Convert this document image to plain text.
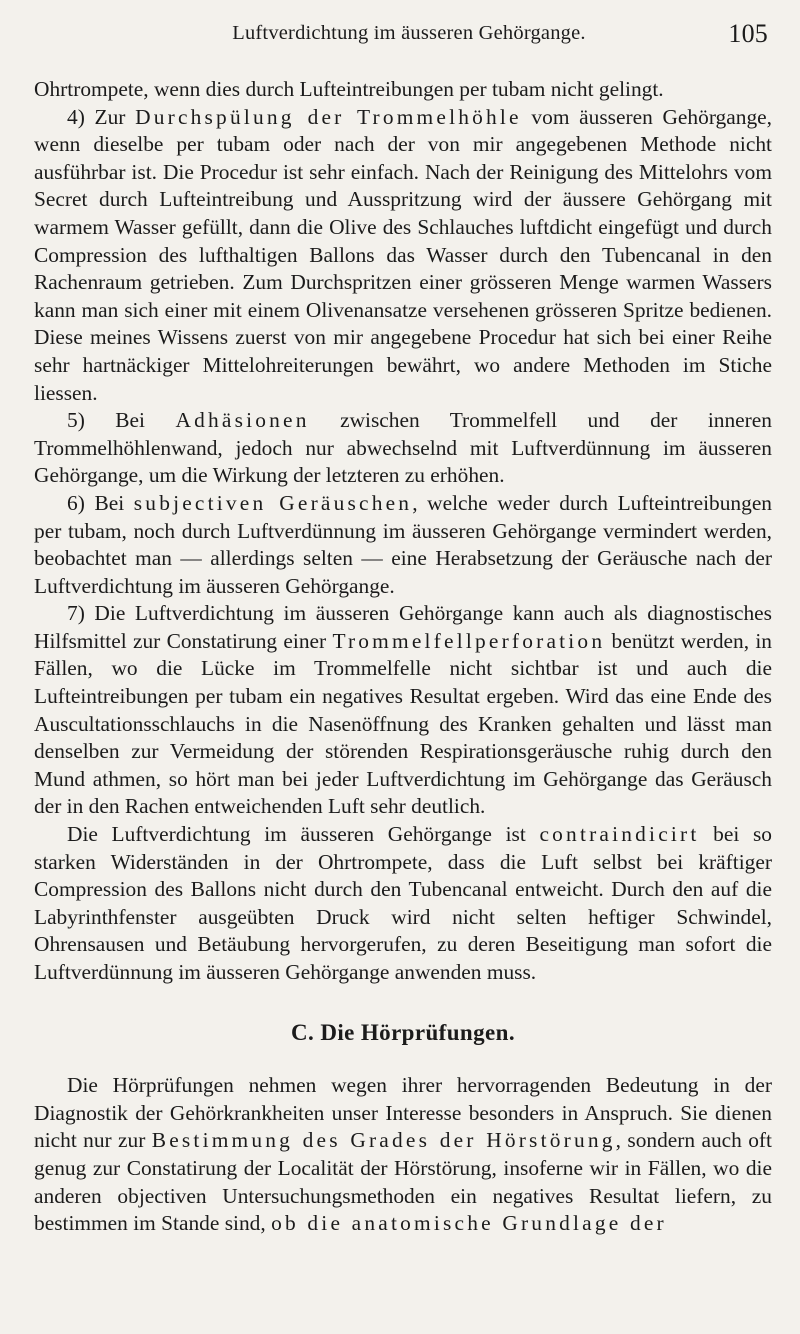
Luftverdichtung im äusseren Gehörgange.	105

Ohrtrompete, wenn dies durch Lufteintreibungen per tubam nicht gelingt.

4) Zur Durchspülung der Trommelhöhle vom äusseren Gehörgange, wenn dieselbe per tubam oder nach der von mir angegebenen Methode nicht ausführbar ist. Die Procedur ist sehr einfach. Nach der Reinigung des Mittelohrs vom Secret durch Lufteintreibung und Ausspritzung wird der äussere Gehörgang mit warmem Wasser gefüllt, dann die Olive des Schlauches luftdicht eingefügt und durch Compression des lufthaltigen Ballons das Wasser durch den Tubencanal in den Rachenraum getrieben. Zum Durchspritzen einer grösseren Menge warmen Wassers kann man sich einer mit einem Olivenansatze versehenen grösseren Spritze bedienen. Diese meines Wissens zuerst von mir angegebene Procedur hat sich bei einer Reihe sehr hartnäckiger Mittelohreiterungen bewährt, wo andere Methoden im Stiche liessen.

5) Bei Adhäsionen zwischen Trommelfell und der inneren Trommelhöhlenwand, jedoch nur abwechselnd mit Luftverdünnung im äusseren Gehörgange, um die Wirkung der letzteren zu erhöhen.

6) Bei subjectiven Geräuschen, welche weder durch Lufteintreibungen per tubam, noch durch Luftverdünnung im äusseren Gehörgange vermindert werden, beobachtet man — allerdings selten — eine Herabsetzung der Geräusche nach der Luftverdichtung im äusseren Gehörgange.

7) Die Luftverdichtung im äusseren Gehörgange kann auch als diagnostisches Hilfsmittel zur Constatirung einer Trommelfellperforation benützt werden, in Fällen, wo die Lücke im Trommelfelle nicht sichtbar ist und auch die Lufteintreibungen per tubam ein negatives Resultat ergeben. Wird das eine Ende des Auscultationsschlauchs in die Nasenöffnung des Kranken gehalten und lässt man denselben zur Vermeidung der störenden Respirationsgeräusche ruhig durch den Mund athmen, so hört man bei jeder Luftverdichtung im Gehörgange das Geräusch der in den Rachen entweichenden Luft sehr deutlich.

Die Luftverdichtung im äusseren Gehörgange ist contraindicirt bei so starken Widerständen in der Ohrtrompete, dass die Luft selbst bei kräftiger Compression des Ballons nicht durch den Tubencanal entweicht. Durch den auf die Labyrinthfenster ausgeübten Druck wird nicht selten heftiger Schwindel, Ohrensausen und Betäubung hervorgerufen, zu deren Beseitigung man sofort die Luftverdünnung im äusseren Gehörgange anwenden muss.

C. Die Hörprüfungen.

Die Hörprüfungen nehmen wegen ihrer hervorragenden Bedeutung in der Diagnostik der Gehörkrankheiten unser Interesse besonders in Anspruch. Sie dienen nicht nur zur Bestimmung des Grades der Hörstörung, sondern auch oft genug zur Constatirung der Localität der Hörstörung, insoferne wir in Fällen, wo die anderen objectiven Untersuchungsmethoden ein negatives Resultat liefern, zu bestimmen im Stande sind, ob die anatomische Grundlage der
